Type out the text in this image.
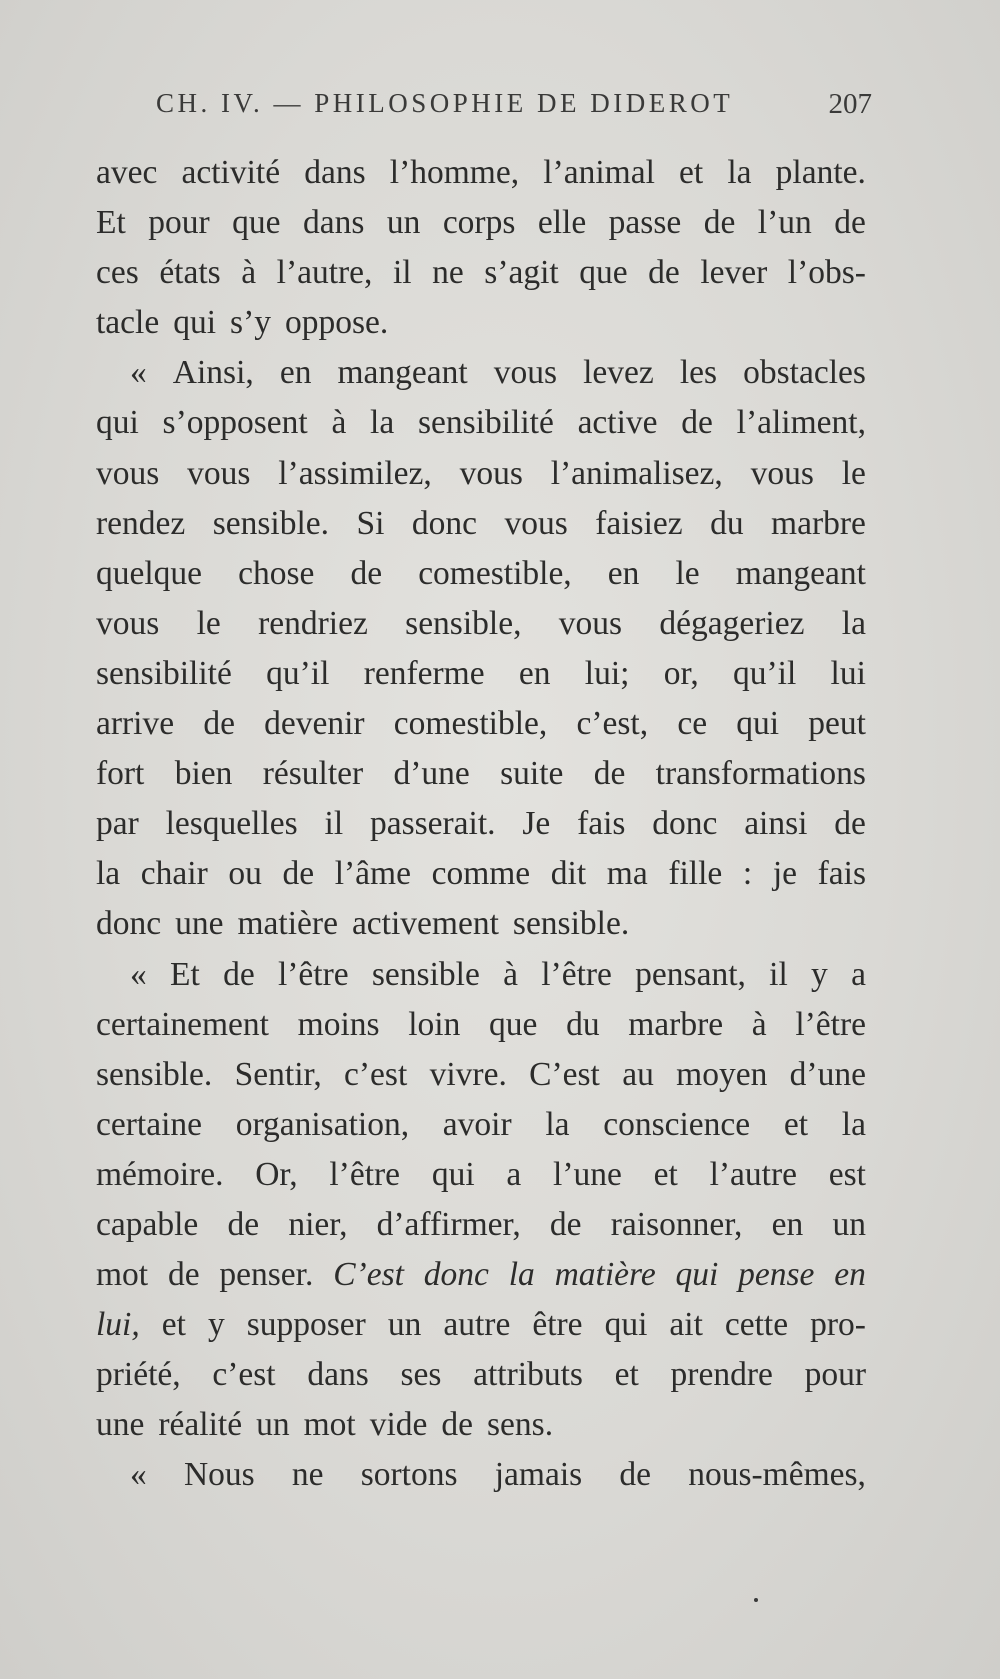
CH. IV. — PHILOSOPHIE DE DIDEROT	207
avec activité dans l’homme, l’animal et la plante.
Et pour que dans un corps elle passe de l’un de
ces états à l’autre, il ne s’agit que de lever l’obs-
tacle qui s’y oppose.
« Ainsi, en mangeant vous levez les obstacles
qui s’opposent à la sensibilité active de l’aliment,
vous vous l’assimilez, vous l’animalisez, vous le
rendez sensible. Si donc vous faisiez du marbre
quelque chose de comestible, en le mangeant
vous le rendriez sensible, vous dégageriez la
sensibilité qu’il renferme en lui; or, qu’il lui
arrive de devenir comestible, c’est, ce qui peut
fort bien résulter d’une suite de transformations
par lesquelles il passerait. Je fais donc ainsi de
la chair ou de l’âme comme dit ma fille : je fais
donc une matière activement sensible.
« Et de l’être sensible à l’être pensant, il y a
certainement moins loin que du marbre à l’être
sensible. Sentir, c’est vivre. C’est au moyen d’une
certaine organisation, avoir la conscience et la
mémoire. Or, l’être qui a l’une et l’autre est
capable de nier, d’affirmer, de raisonner, en un
mot de penser. C’est donc la matière qui pense en
lui, et y supposer un autre être qui ait cette pro-
priété, c’est dans ses attributs et prendre pour
une réalité un mot vide de sens.
« Nous ne sortons jamais de nous-mêmes,
